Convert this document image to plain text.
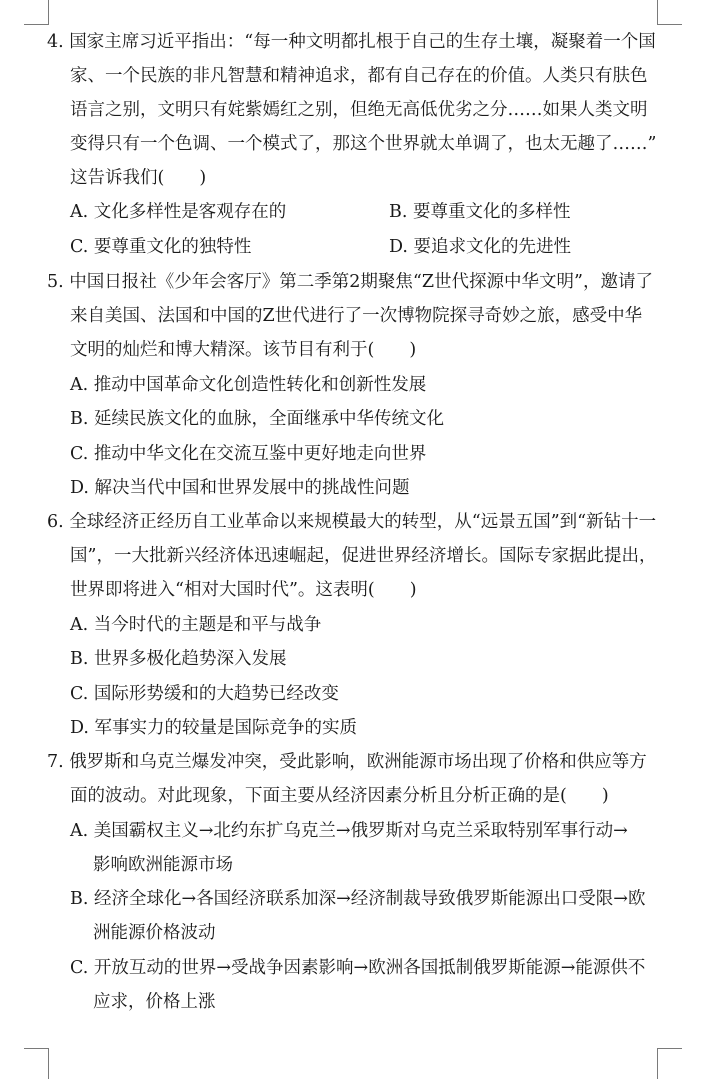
4. 国家主席习近平指出：“每一种文明都扎根于自己的生存土壤，凝聚着一个国
家、一个民族的非凡智慧和精神追求，都有自己存在的价值。人类只有肤色
语言之别，文明只有姹紫嫣红之别，但绝无高低优劣之分……如果人类文明
变得只有一个色调、一个模式了，那这个世界就太单调了，也太无趣了……”
这告诉我们(　　)
A. 文化多样性是客观存在的	B. 要尊重文化的多样性
C. 要尊重文化的独特性	D. 要追求文化的先进性
5. 中国日报社《少年会客厅》第二季第2期聚焦“Z世代探源中华文明”，邀请了
来自美国、法国和中国的Z世代进行了一次博物院探寻奇妙之旅，感受中华
文明的灿烂和博大精深。该节目有利于(　　)
A. 推动中国革命文化创造性转化和创新性发展
B. 延续民族文化的血脉，全面继承中华传统文化
C. 推动中华文化在交流互鉴中更好地走向世界
D. 解决当代中国和世界发展中的挑战性问题
6. 全球经济正经历自工业革命以来规模最大的转型，从“远景五国”到“新钻十一
国”，一大批新兴经济体迅速崛起，促进世界经济增长。国际专家据此提出，
世界即将进入“相对大国时代”。这表明(　　)
A. 当今时代的主题是和平与战争
B. 世界多极化趋势深入发展
C. 国际形势缓和的大趋势已经改变
D. 军事实力的较量是国际竞争的实质
7. 俄罗斯和乌克兰爆发冲突，受此影响，欧洲能源市场出现了价格和供应等方
面的波动。对此现象，下面主要从经济因素分析且分析正确的是(　　)
A. 美国霸权主义→北约东扩乌克兰→俄罗斯对乌克兰采取特别军事行动→
影响欧洲能源市场
B. 经济全球化→各国经济联系加深→经济制裁导致俄罗斯能源出口受限→欧
洲能源价格波动
C. 开放互动的世界→受战争因素影响→欧洲各国抵制俄罗斯能源→能源供不
应求，价格上涨
